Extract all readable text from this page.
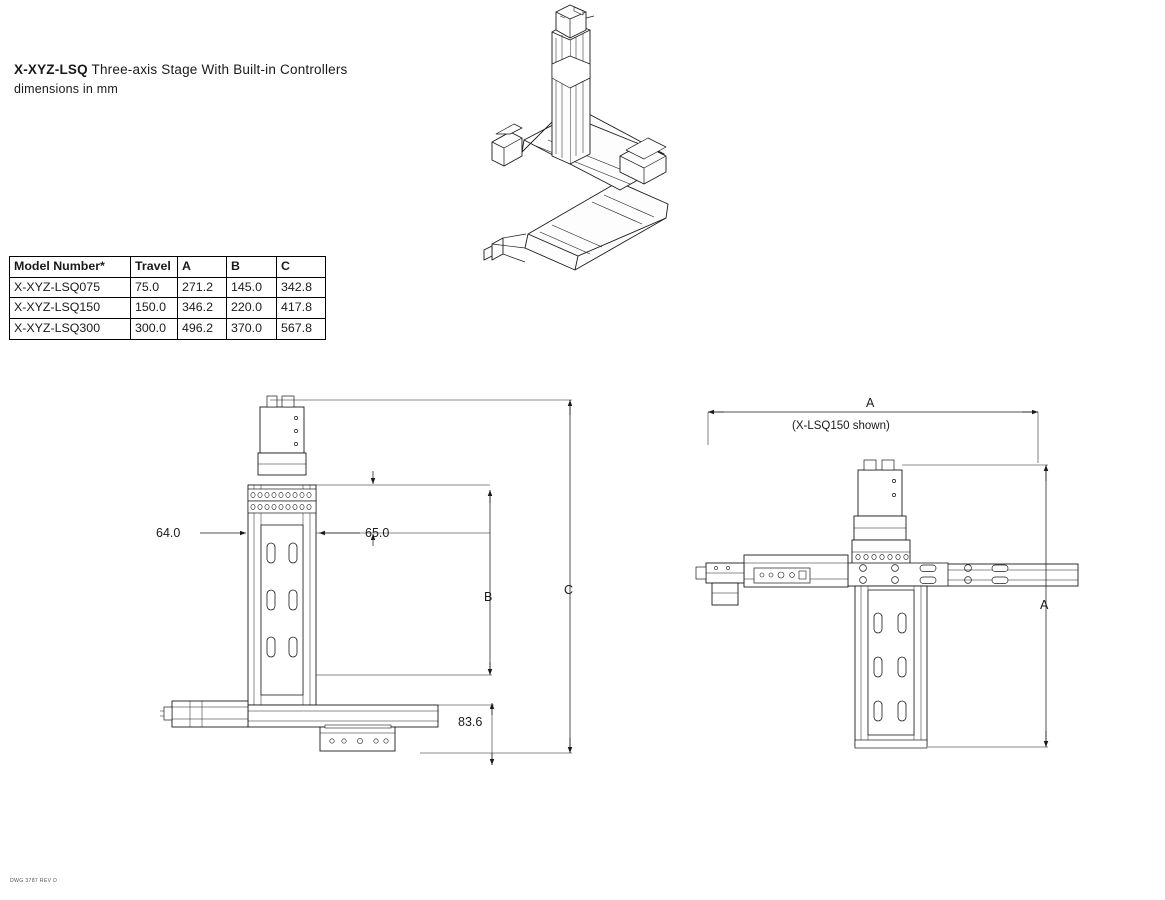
X-XYZ-LSQ Three-axis Stage With Built-in Controllers
dimensions in mm
Model Number*	Travel	A	B	C
X-XYZ-LSQ075	75.0	271.2	145.0	342.8
X-XYZ-LSQ150	150.0	346.2	220.0	417.8
X-XYZ-LSQ300	300.0	496.2	370.0	567.8
64.0	65.0
B	C
83.6
A
(X-LSQ150 shown)
A
DWG 3787 REV D
